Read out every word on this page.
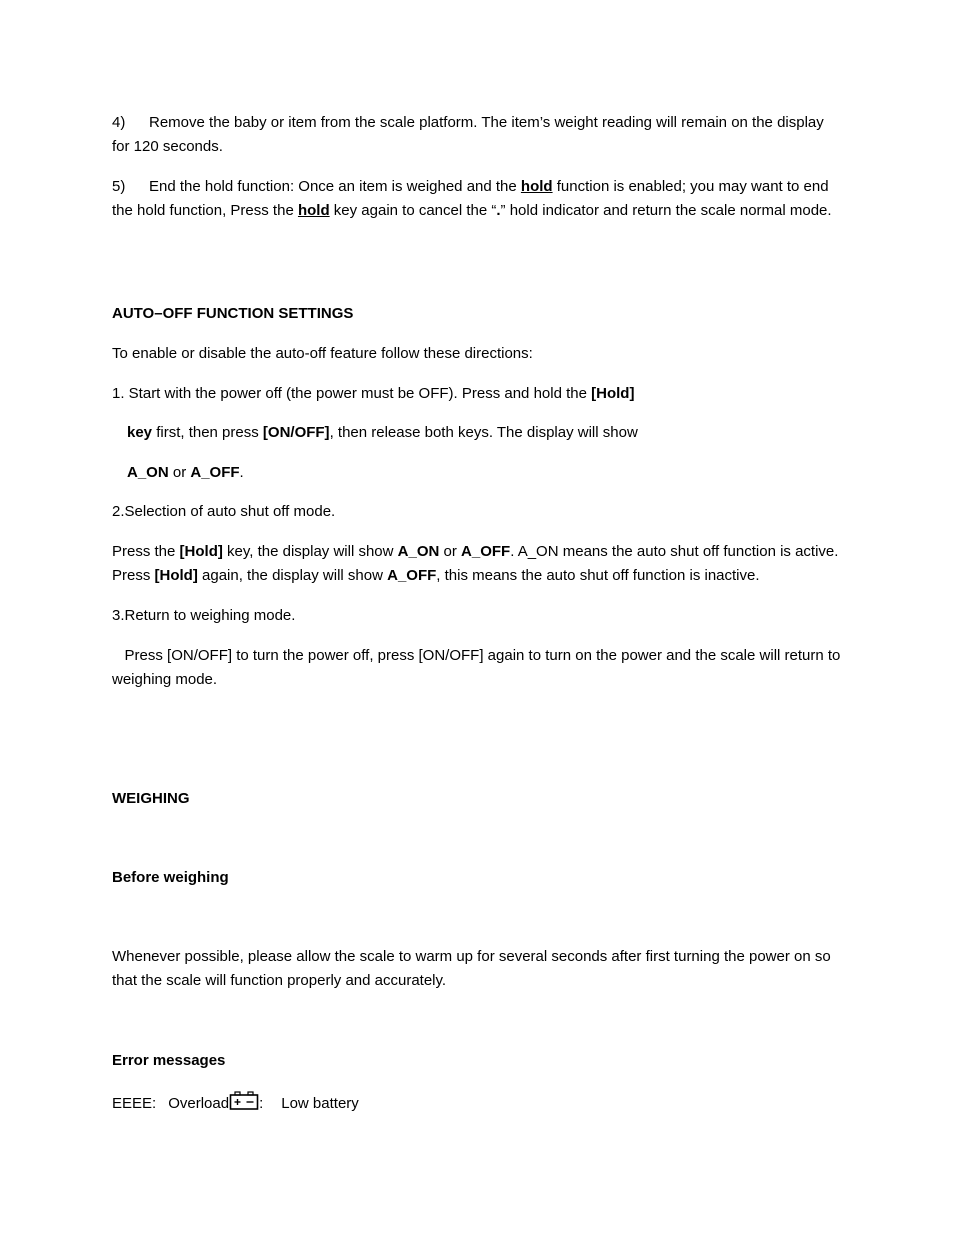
4) Remove the baby or item from the scale platform. The item’s weight reading will remain on the display for 120 seconds.

5) End the hold function: Once an item is weighed and the hold function is enabled; you may want to end the hold function, Press the hold key again to cancel the “.” hold indicator and return the scale normal mode.

AUTO–OFF FUNCTION SETTINGS

To enable or disable the auto-off feature follow these directions:

1. Start with the power off (the power must be OFF). Press and hold the [Hold]

key first, then press [ON/OFF], then release both keys. The display will show

A_ON or A_OFF.

2.Selection of auto shut off mode.

Press the [Hold] key, the display will show A_ON or A_OFF. A_ON means the auto shut off function is active. Press [Hold] again, the display will show A_OFF, this means the auto shut off function is inactive.

3.Return to weighing mode.

Press [ON/OFF] to turn the power off, press [ON/OFF] again to turn on the power and the scale will return to weighing mode.

WEIGHING

Before weighing

Whenever possible, please allow the scale to warm up for several seconds after first turning the power on so that the scale will function properly and accurately.

Error messages

EEEE: Overload : Low battery
